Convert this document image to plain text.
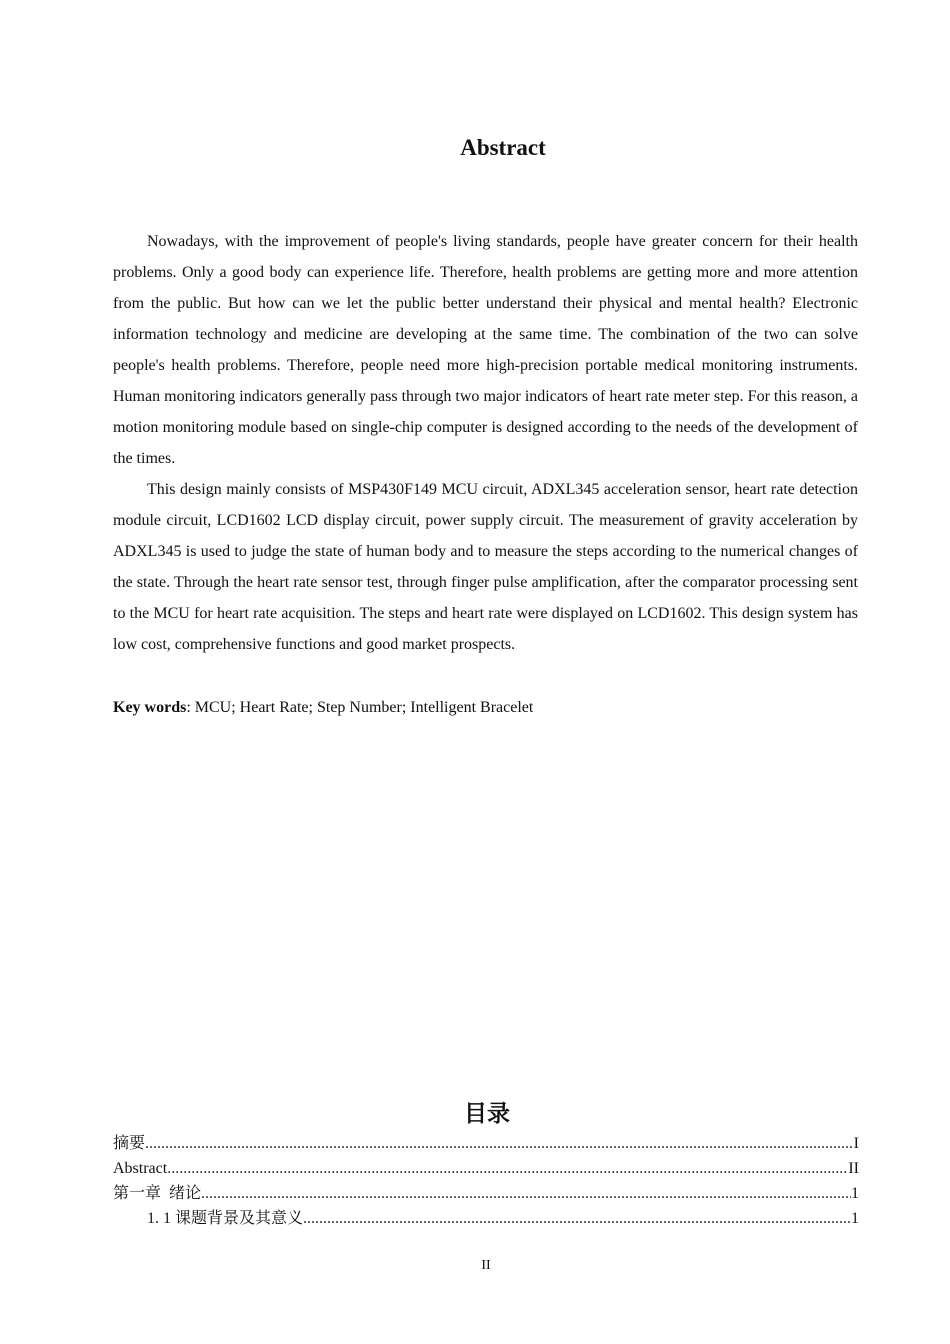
Abstract

Nowadays, with the improvement of people's living standards, people have greater concern for their health problems. Only a good body can experience life. Therefore, health problems are getting more and more attention from the public. But how can we let the public better understand their physical and mental health? Electronic information technology and medicine are developing at the same time. The combination of the two can solve people's health problems. Therefore, people need more high-precision portable medical monitoring instruments. Human monitoring indicators generally pass through two major indicators of heart rate meter step. For this reason, a motion monitoring module based on single-chip computer is designed according to the needs of the development of the times.

This design mainly consists of MSP430F149 MCU circuit, ADXL345 acceleration sensor, heart rate detection module circuit, LCD1602 LCD display circuit, power supply circuit. The measurement of gravity acceleration by ADXL345 is used to judge the state of human body and to measure the steps according to the numerical changes of the state. Through the heart rate sensor test, through finger pulse amplification, after the comparator processing sent to the MCU for heart rate acquisition. The steps and heart rate were displayed on LCD1602. This design system has low cost, comprehensive functions and good market prospects.

Key words: MCU; Heart Rate; Step Number; Intelligent Bracelet

目录
摘要 .....	I
Abstract .....	II
第一章  绪论 .....	1
1. 1 课题背景及其意义 .....	1

II
